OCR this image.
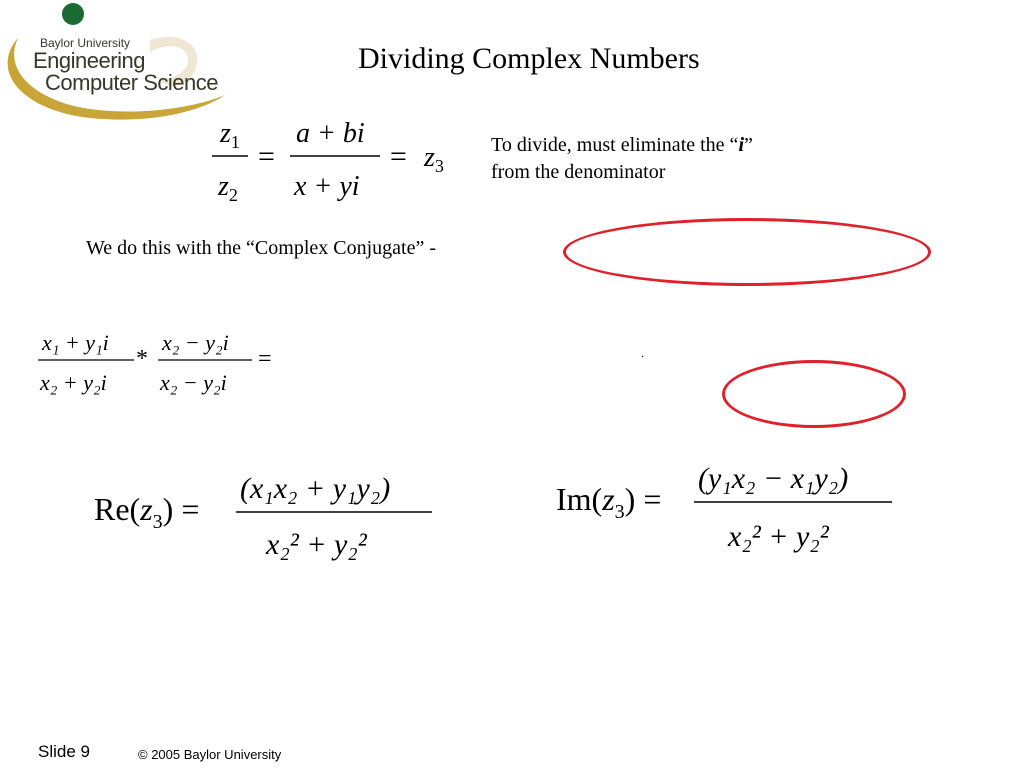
Baylor University
Engineering
Computer Science
Dividing Complex Numbers
$z_1$
$z_2$
=
a + bi
x + yi
= $z_3$
To divide, must eliminate the “i”
from the denominator
We do this with the “Complex Conjugate” -
x₁ + y₁i
x₂ + y₂i
*
x₂ − y₂i
x₂ − y₂i
=	.
$Re(z_3)$ =
(x₁x₂ + y₁y₂)
x₂² + y₂²
$Im(z_3)$ =
(y₁x₂ − x₁y₂)
x₂² + y₂²
Slide 9	© 2005 Baylor University
